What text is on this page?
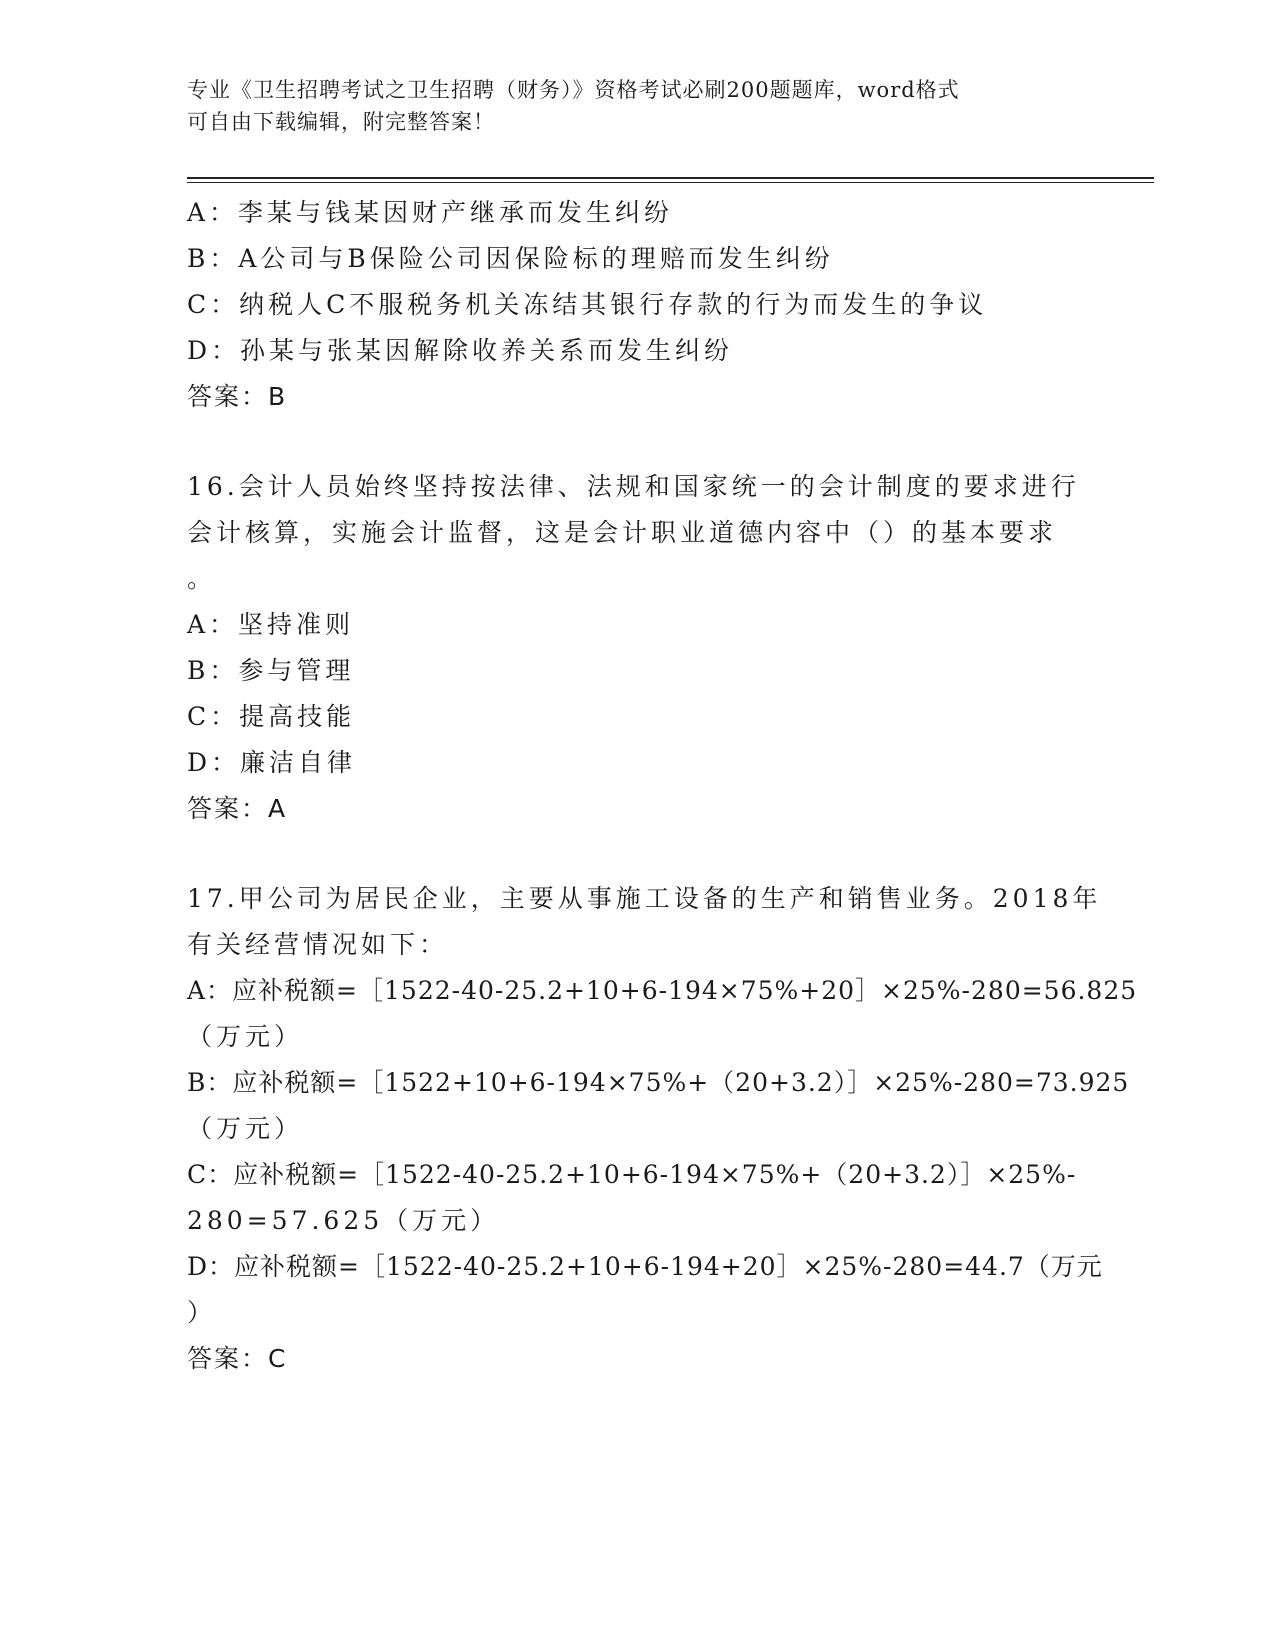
专业《卫生招聘考试之卫生招聘（财务）》资格考试必刷200题题库，word格式
可自由下载编辑，附完整答案！
A：李某与钱某因财产继承而发生纠纷
B：A公司与B保险公司因保险标的理赔而发生纠纷
C：纳税人C不服税务机关冻结其银行存款的行为而发生的争议
D：孙某与张某因解除收养关系而发生纠纷
答案：B
16.会计人员始终坚持按法律、法规和国家统一的会计制度的要求进行
会计核算，实施会计监督，这是会计职业道德内容中（）的基本要求
。
A：坚持准则
B：参与管理
C：提高技能
D：廉洁自律
答案：A
17.甲公司为居民企业，主要从事施工设备的生产和销售业务。2018年
有关经营情况如下：
A：应补税额=［1522-40-25.2+10+6-194×75%+20］×25%-280=56.825
（万元）
B：应补税额=［1522+10+6-194×75%+（20+3.2）］×25%-280=73.925
（万元）
C：应补税额=［1522-40-25.2+10+6-194×75%+（20+3.2）］×25%-
280=57.625（万元）
D：应补税额=［1522-40-25.2+10+6-194+20］×25%-280=44.7（万元
）
答案：C
